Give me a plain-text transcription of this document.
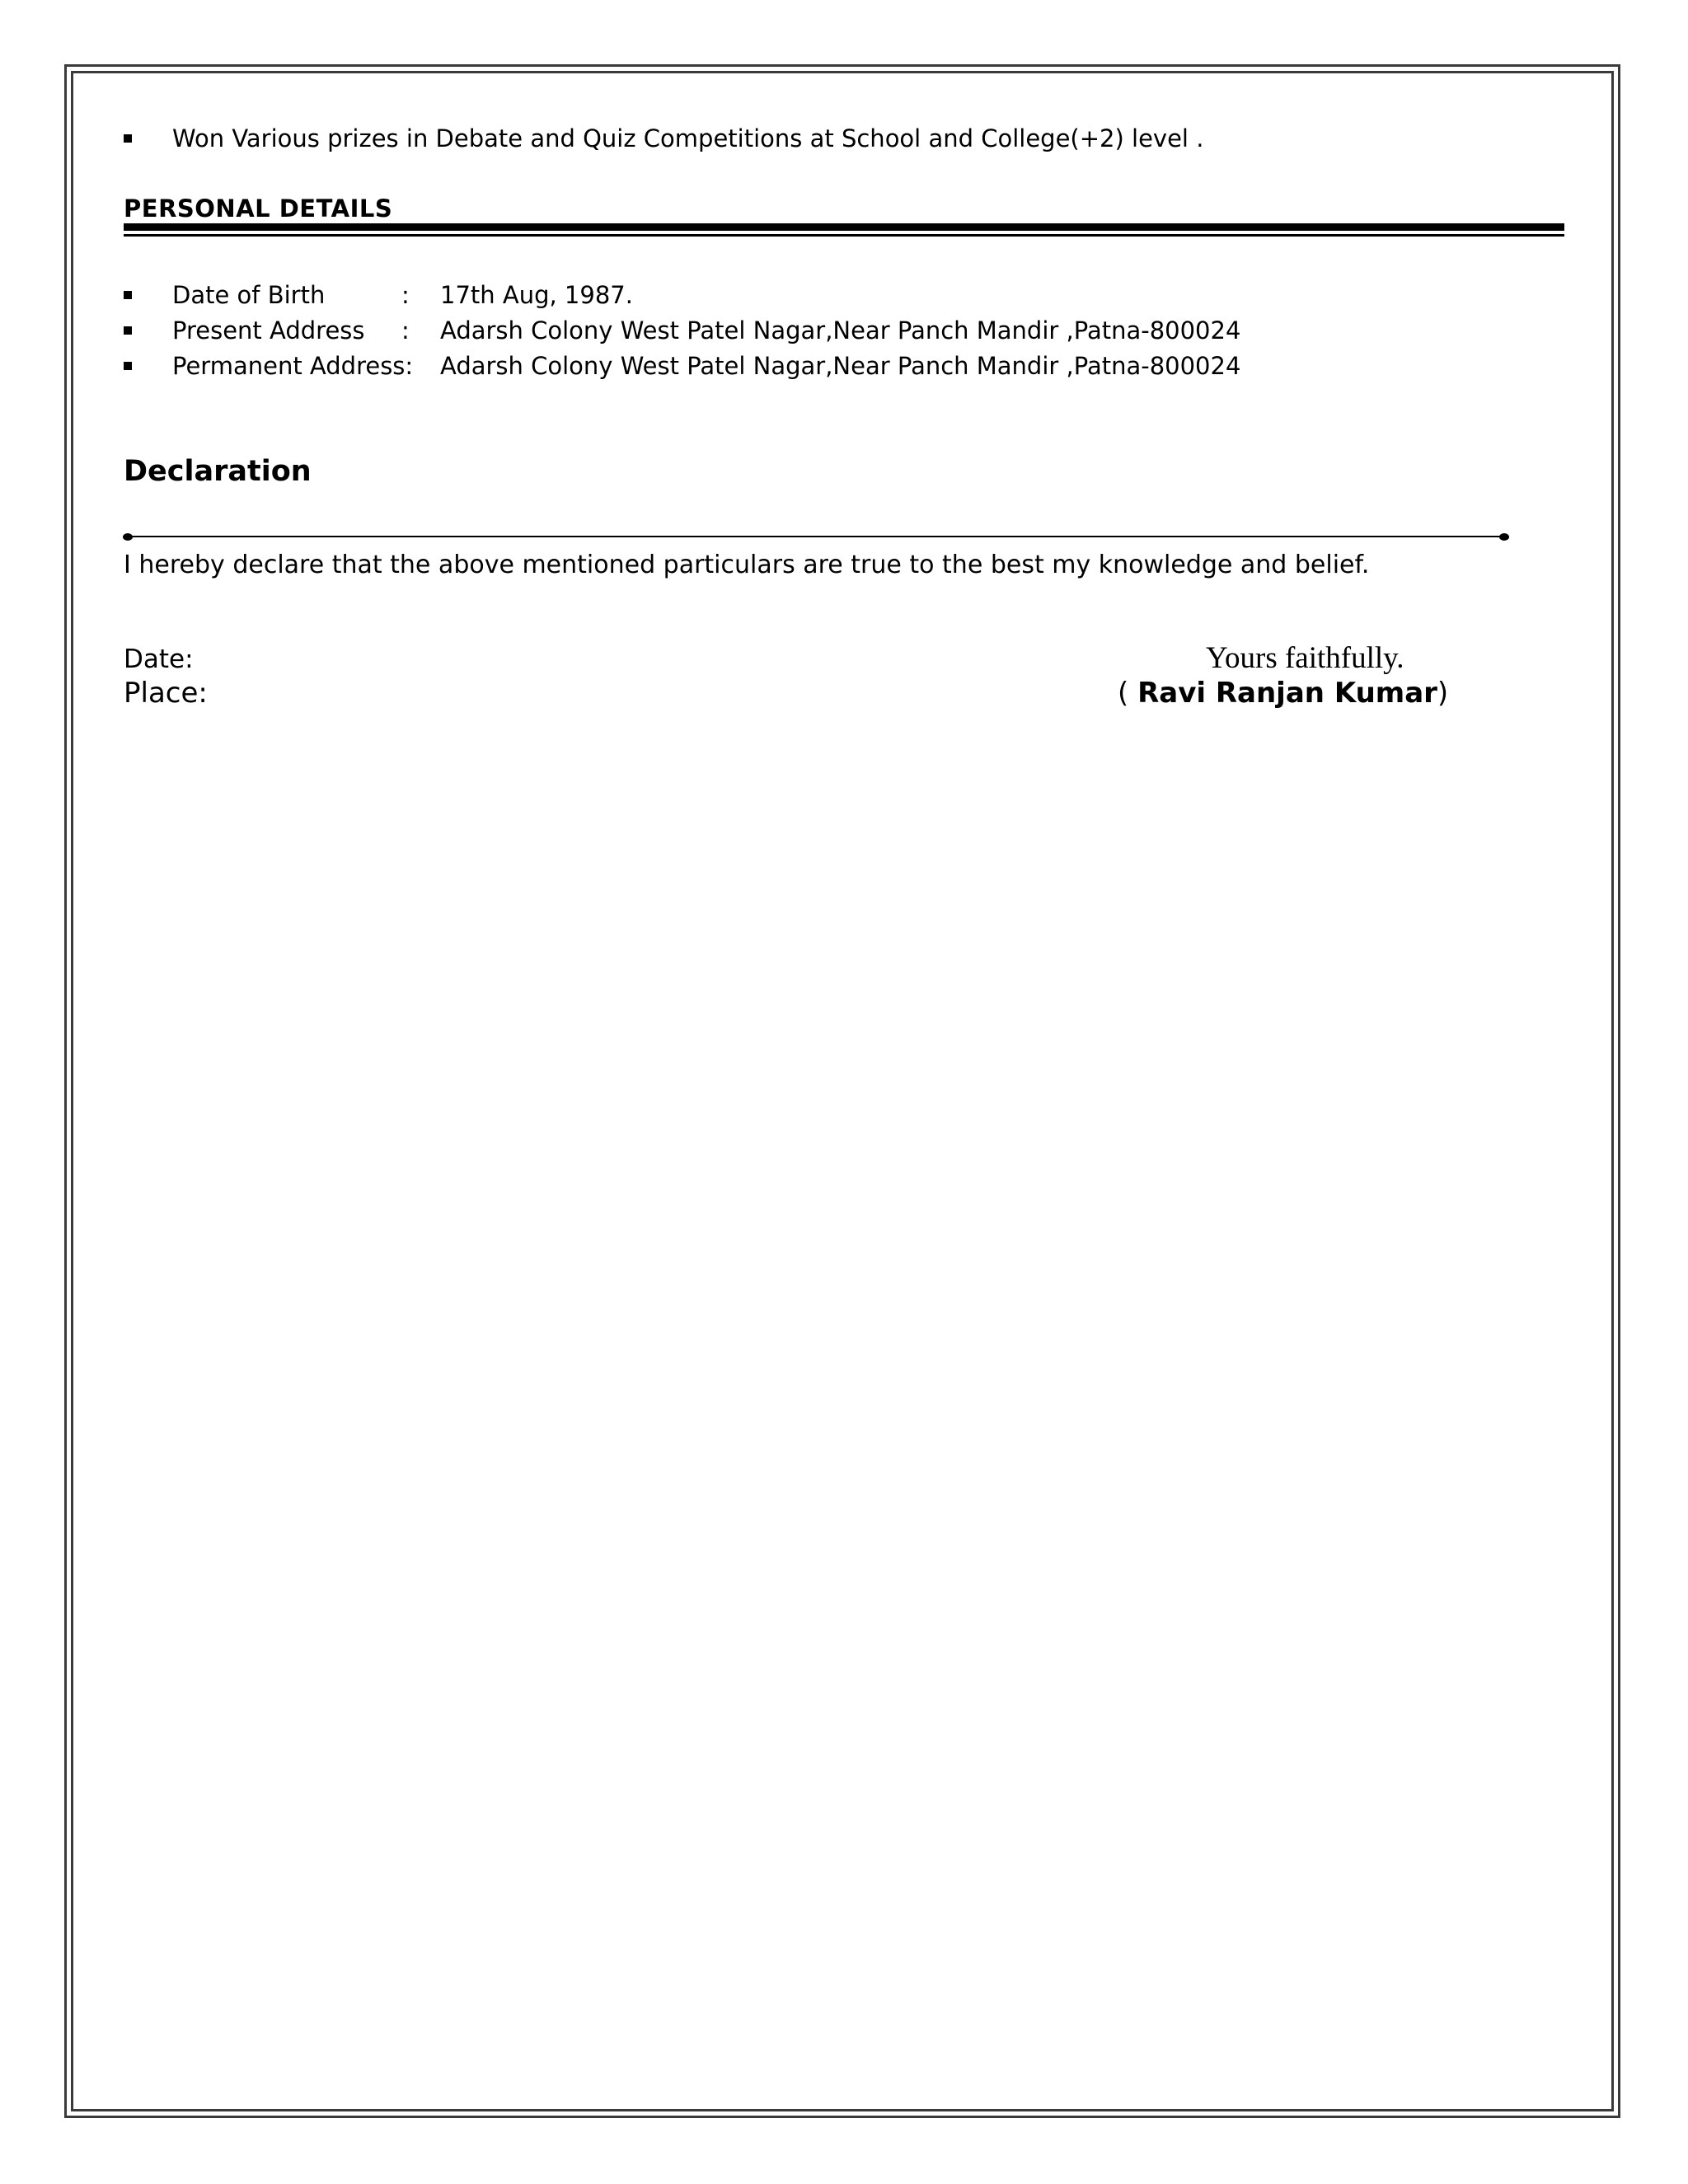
Won Various prizes in Debate and Quiz Competitions at School and College(+2) level .
PERSONAL DETAILS
Date of Birth	: 17th Aug, 1987.
Present Address : Adarsh Colony West Patel Nagar,Near Panch Mandir ,Patna-800024
Permanent Address: Adarsh Colony West Patel Nagar,Near Panch Mandir ,Patna-800024
Declaration
I hereby declare that the above mentioned particulars are true to the best my knowledge and belief.
Date:
Place:
Yours faithfully.
( Ravi Ranjan Kumar)
